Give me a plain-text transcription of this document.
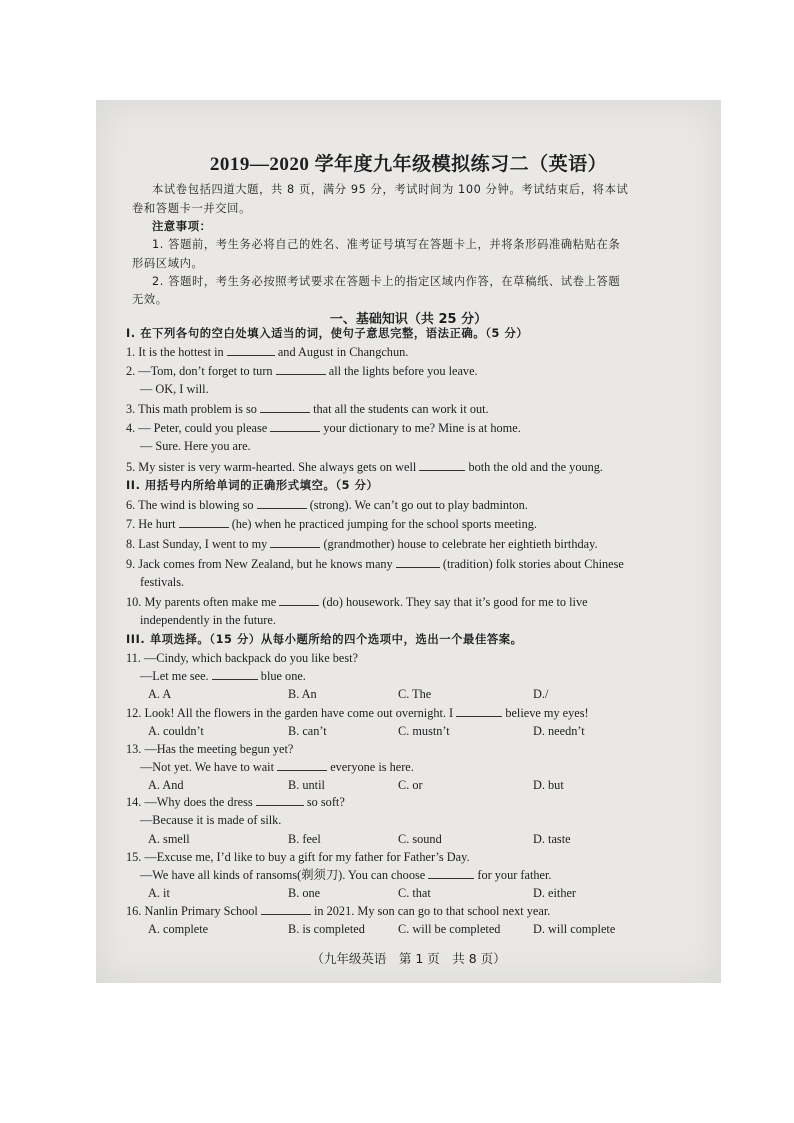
2019—2020 学年度九年级模拟练习二（英语）
本试卷包括四道大题，共 8 页，满分 95 分，考试时间为 100 分钟。考试结束后，将本试
卷和答题卡一并交回。
注意事项：
1. 答题前，考生务必将自己的姓名、准考证号填写在答题卡上，并将条形码准确粘贴在条
形码区域内。
2. 答题时，考生务必按照考试要求在答题卡上的指定区域内作答，在草稿纸、试卷上答题
无效。
一、基础知识（共 25 分）
I. 在下列各句的空白处填入适当的词，使句子意思完整，语法正确。（5 分）
1. It is the hottest in	and August in Changchun.
2. —Tom, don’t forget to turn	all the lights before you leave.
— OK, I will.
3. This math problem is so	that all the students can work it out.
4. — Peter, could you please	your dictionary to me? Mine is at home.
— Sure. Here you are.
5. My sister is very warm-hearted. She always gets on well	both the old and the young.
II. 用括号内所给单词的正确形式填空。（5 分）
6. The wind is blowing so	(strong). We can’t go out to play badminton.
7. He hurt	(he) when he practiced jumping for the school sports meeting.
8. Last Sunday, I went to my	(grandmother) house to celebrate her eightieth birthday.
9. Jack comes from New Zealand, but he knows many	(tradition) folk stories about Chinese
festivals.
10. My parents often make me	(do) housework. They say that it’s good for me to live
independently in the future.
III. 单项选择。（15 分）从每小题所给的四个选项中，选出一个最佳答案。
11. —Cindy, which backpack do you like best?
—Let me see.	blue one.
A. A	B. An	C. The	D./
12. Look! All the flowers in the garden have come out overnight. I	believe my eyes!
A. couldn’t	B. can’t	C. mustn’t	D. needn’t
13. —Has the meeting begun yet?
—Not yet. We have to wait	everyone is here.
A. And	B. until	C. or	D. but
14. —Why does the dress	so soft?
—Because it is made of silk.
A. smell	B. feel	C. sound	D. taste
15. —Excuse me, I’d like to buy a gift for my father for Father’s Day.
—We have all kinds of ransoms(剃须刀). You can choose	for your father.
A. it	B. one	C. that	D. either
16. Nanlin Primary School	in 2021. My son can go to that school next year.
A. complete	B. is completed	C. will be completed	D. will complete
（九年级英语　第 1 页　共 8 页）
